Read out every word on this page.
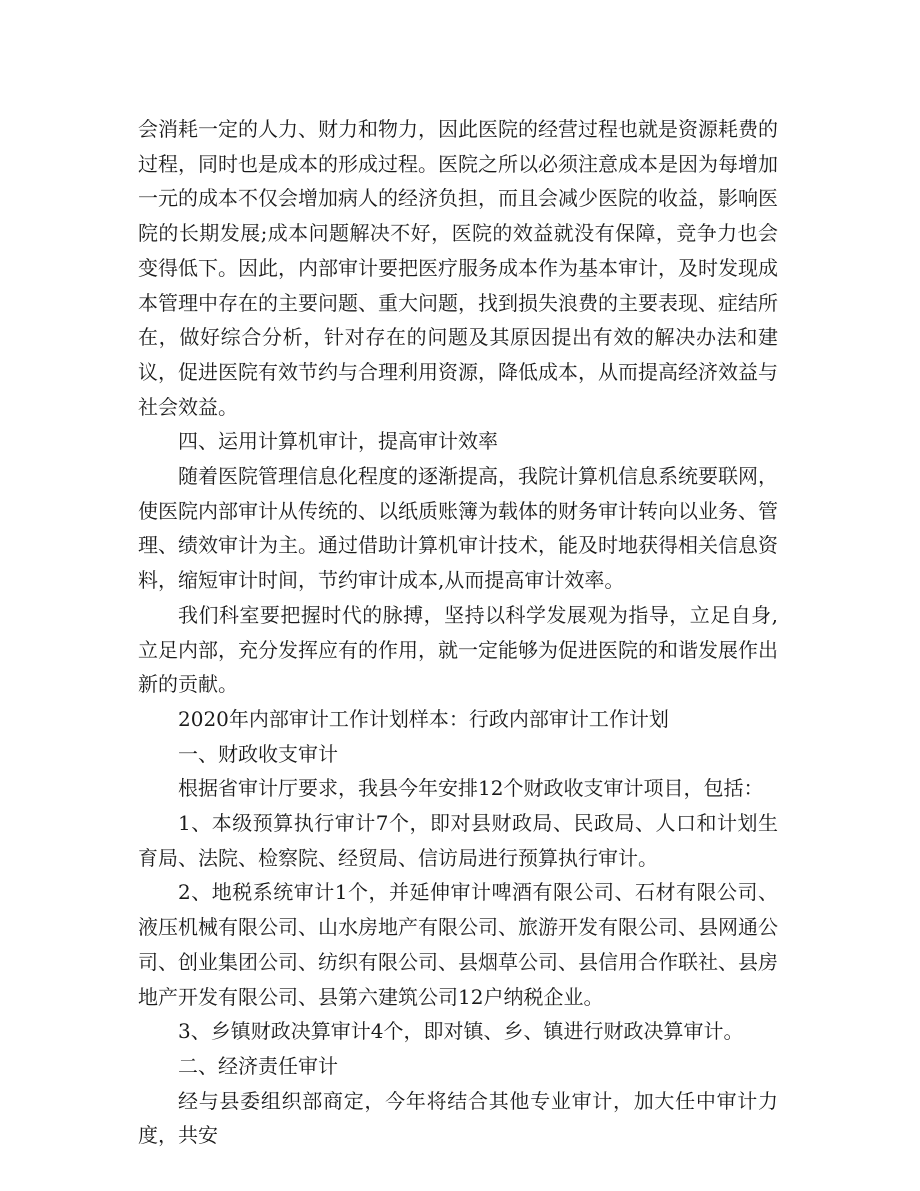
会消耗一定的人力、财力和物力，因此医院的经营过程也就是资源耗费的过程，同时也是成本的形成过程。医院之所以必须注意成本是因为每增加一元的成本不仅会增加病人的经济负担，而且会减少医院的收益，影响医院的长期发展;成本问题解决不好，医院的效益就没有保障，竞争力也会变得低下。因此，内部审计要把医疗服务成本作为基本审计，及时发现成本管理中存在的主要问题、重大问题，找到损失浪费的主要表现、症结所在，做好综合分析，针对存在的问题及其原因提出有效的解决办法和建议，促进医院有效节约与合理利用资源，降低成本，从而提高经济效益与社会效益。

四、运用计算机审计，提高审计效率

随着医院管理信息化程度的逐渐提高，我院计算机信息系统要联网，使医院内部审计从传统的、以纸质账簿为载体的财务审计转向以业务、管理、绩效审计为主。通过借助计算机审计技术，能及时地获得相关信息资料，缩短审计时间，节约审计成本,从而提高审计效率。

我们科室要把握时代的脉搏，坚持以科学发展观为指导，立足自身,立足内部，充分发挥应有的作用，就一定能够为促进医院的和谐发展作出新的贡献。

2020年内部审计工作计划样本：行政内部审计工作计划

一、财政收支审计

根据省审计厅要求，我县今年安排12个财政收支审计项目，包括：

1、本级预算执行审计7个，即对县财政局、民政局、人口和计划生育局、法院、检察院、经贸局、信访局进行预算执行审计。

2、地税系统审计1个，并延伸审计啤酒有限公司、石材有限公司、液压机械有限公司、山水房地产有限公司、旅游开发有限公司、县网通公司、创业集团公司、纺织有限公司、县烟草公司、县信用合作联社、县房地产开发有限公司、县第六建筑公司12户纳税企业。

3、乡镇财政决算审计4个，即对镇、乡、镇进行财政决算审计。

二、经济责任审计

经与县委组织部商定，今年将结合其他专业审计，加大任中审计力度，共安
